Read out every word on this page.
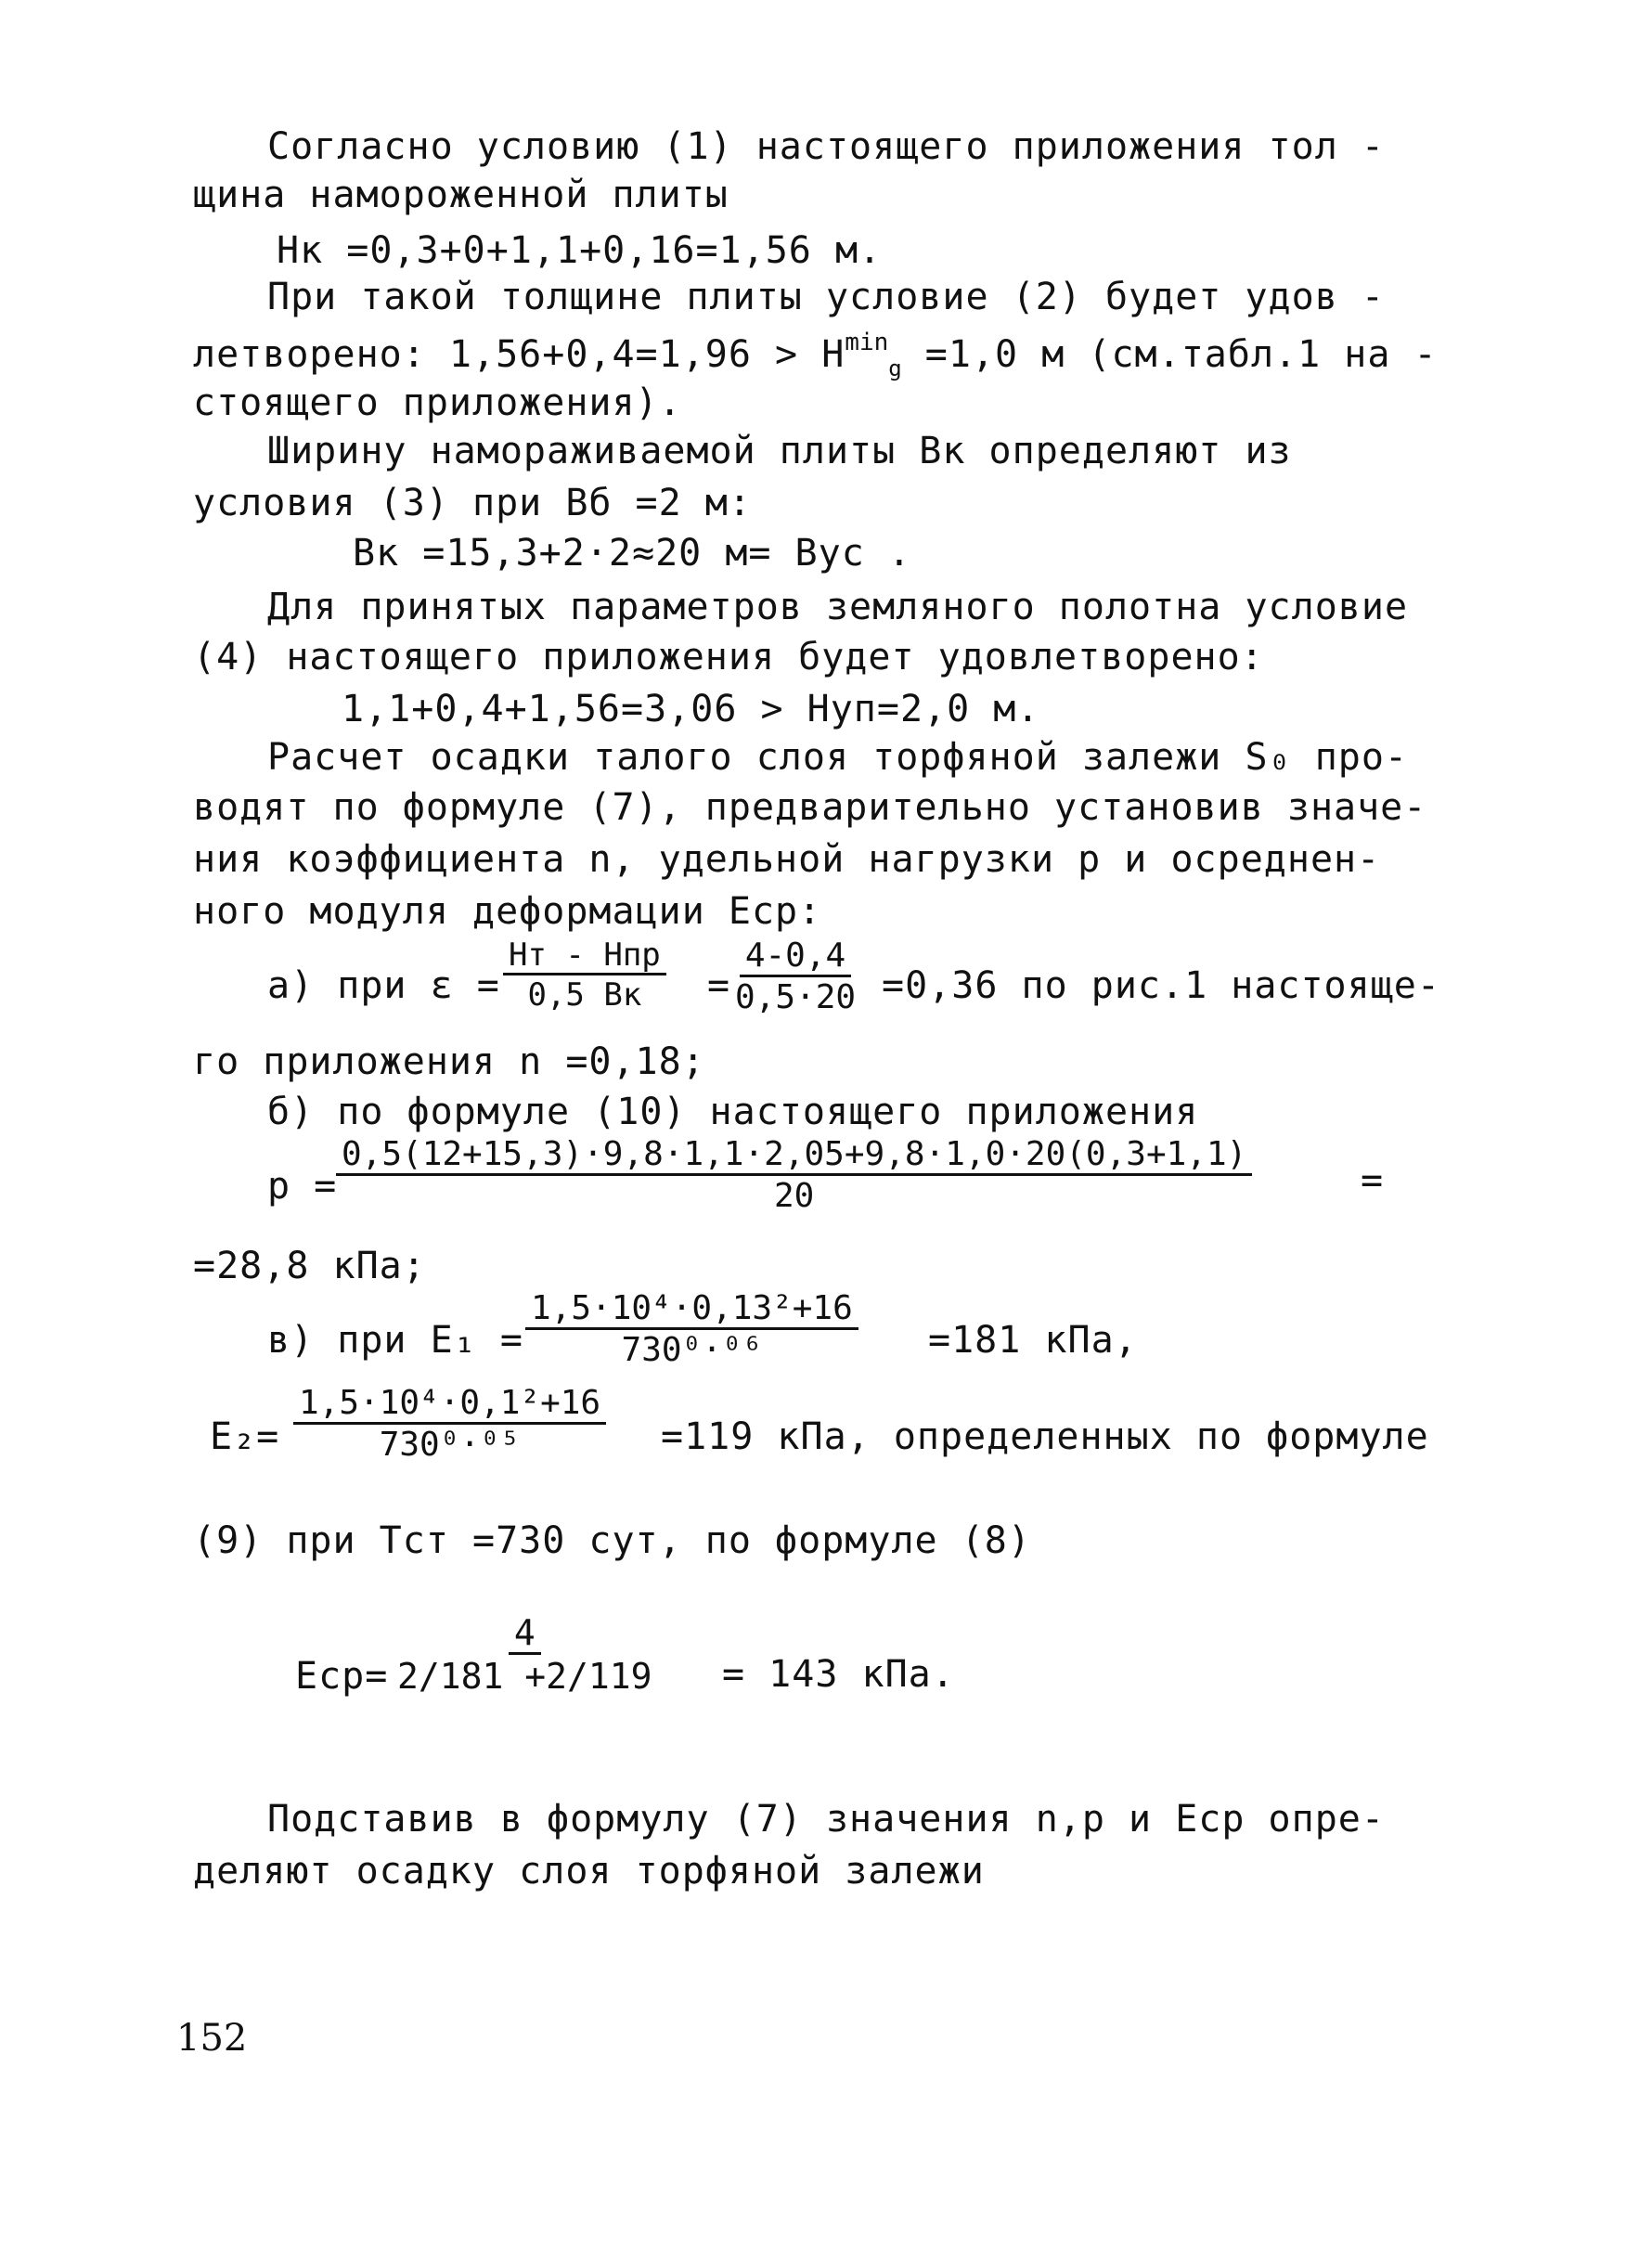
Согласно условию (1) настоящего приложения тол -
щина намороженной плиты
Hк =0,3+0+1,1+0,16=1,56 м.
При такой толщине плиты условие (2) будет удов -
летворено: $1,56+0,4=1,96 > H^{min}_g =1,0$ м (см.табл.1 на -
стоящего приложения).
Ширину намораживаемой плиты Bк определяют из
условия (3) при Bб =2 м:
Bк =15,3+2·2≈20 м= Bус .
Для принятых параметров земляного полотна условие
(4) настоящего приложения будет удовлетворено:
1,1+0,4+1,56=3,06 > Hуп=2,0 м.
Расчет осадки талого слоя торфяной залежи S₀ про-
водят по формуле (7), предварительно установив значе-
ния коэффициента n, удельной нагрузки p и осреднен-
ного модуля деформации Eср:
а) при ε =
Hт - Hпр
0,5 Bк = $\frac{4-0,4}{0,5\cdot 20} =0,36$ по рис.1 настояще-
го приложения n =0,18;
б) по формуле (10) настоящего приложения
p =
$\frac{0,5(12+15,3)\cdot 9,8\cdot 1,1\cdot 2,05+9,8\cdot 1,0\cdot 20(0,3+1,1)}{20}$	=
=28,8 кПа;
в) при $E_1 = \frac{\text{1,5·10⁴·0,13²+16}}{\text{730⁰·⁰⁶}} =181$ кПа,
$E_2= \frac{\text{1,5·10⁴·0,1²+16}}{\text{730⁰·⁰⁵}} =119$ кПа, определенных по формуле
(9) при Tст =730 сут, по формуле (8)
$Eср= \frac{4}{2/181 +2/119} = 143$ кПа.
Подставив в формулу (7) значения n,p и Eср опре-
деляют осадку слоя торфяной залежи
152
